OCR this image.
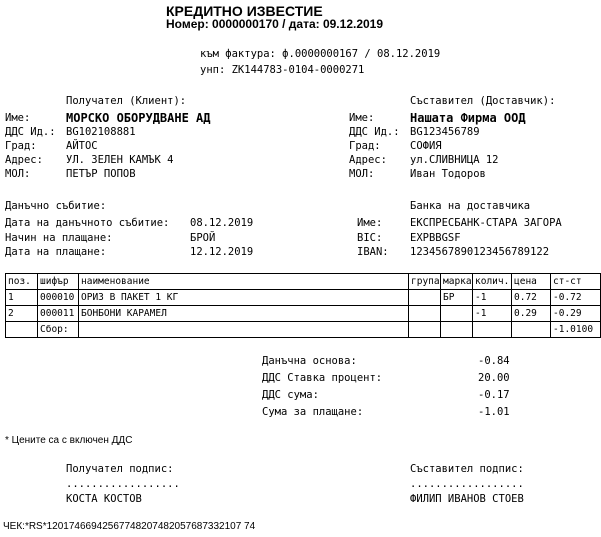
КРЕДИТНО ИЗВЕСТИЕ
Номер: 0000000170 / дата: 09.12.2019
към фактура: ф.0000000167 / 08.12.2019
унп: ZK144783-0104-0000271
Получател (Клиент):
Име:	МОРСКО ОБОРУДВАНЕ АД
ДДС Ид.: BG102108881
Град:	АЙТОС
Адрес: УЛ. ЗЕЛЕН КАМЪК 4
МОЛ:	ПЕТЪР ПОПОВ
Съставител (Доставчик):
Име:	Нашата Фирма ООД
ДДС Ид.: BG123456789
Град:	СОФИЯ
Адрес: ул.СЛИВНИЦА 12
МОЛ:	Иван Тодоров
Данъчно събитие:
Дата на данъчното събитие: 08.12.2019
Начин на плащане:	БРОЙ
Дата на плащане:	12.12.2019
Банка на доставчика
Име:	ЕКСПРЕСБАНК-СТАРА ЗАГОРА
BIC:	EXPBBGSF
IBAN: 1234567890123456789122
поз.	шифър	наименование	група	марка	колич.	цена	ст-ст
1	000010	ОРИЗ В ПАКЕТ 1 КГ		БР	-1	0.72	-0.72
2	000011	БОНБОНИ КАРАМЕЛ			-1	0.29	-0.29
	Сбор:						-1.0100
Данъчна основа:	-0.84
ДДС Ставка процент:	20.00
ДДС сума:	-0.17
Сума за плащане:	-1.01
* Цените са с включен ДДС
Получател подпис:
..................
КОСТА КОСТОВ
Съставител подпис:
..................
ФИЛИП ИВАНОВ СТОЕВ
ЧЕК:*RS*12017466942567748207482057687332107 74
